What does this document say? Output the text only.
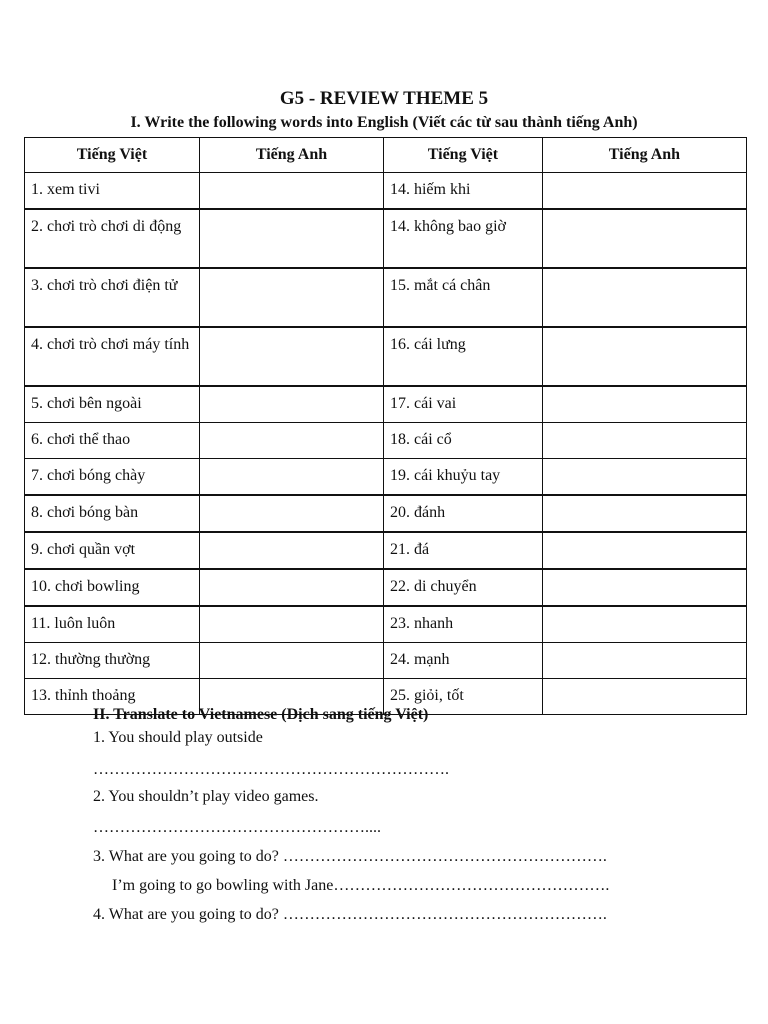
G5 - REVIEW THEME 5
I. Write the following words into English (Viết các từ sau thành tiếng Anh)
Tiếng Việt	Tiếng Anh	Tiếng Việt	Tiếng Anh
1. xem tivi		14. hiếm khi	
2. chơi trò chơi di động		14. không bao giờ	
3. chơi trò chơi điện tử		15. mắt cá chân	
4. chơi trò chơi máy tính		16. cái lưng	
5. chơi bên ngoài		17. cái vai	
6. chơi thể thao		18. cái cổ	
7. chơi bóng chày		19. cái khuỷu tay	
8. chơi bóng bàn		20. đánh	
9. chơi quần vợt		21. đá	
10. chơi bowling		22. di chuyển	
11. luôn luôn		23. nhanh	
12. thường thường		24. mạnh	
13. thỉnh thoảng		25. giỏi, tốt	
II. Translate to Vietnamese (Dịch sang tiếng Việt)
1. You should play outside
………………………………………………………….
2. You shouldn’t play video games.
……………………………………………....
3. What are you going to do? …………………………………………………….
I’m going to go bowling with Jane…………………………………………….
4. What are you going to do? …………………………………………………….
